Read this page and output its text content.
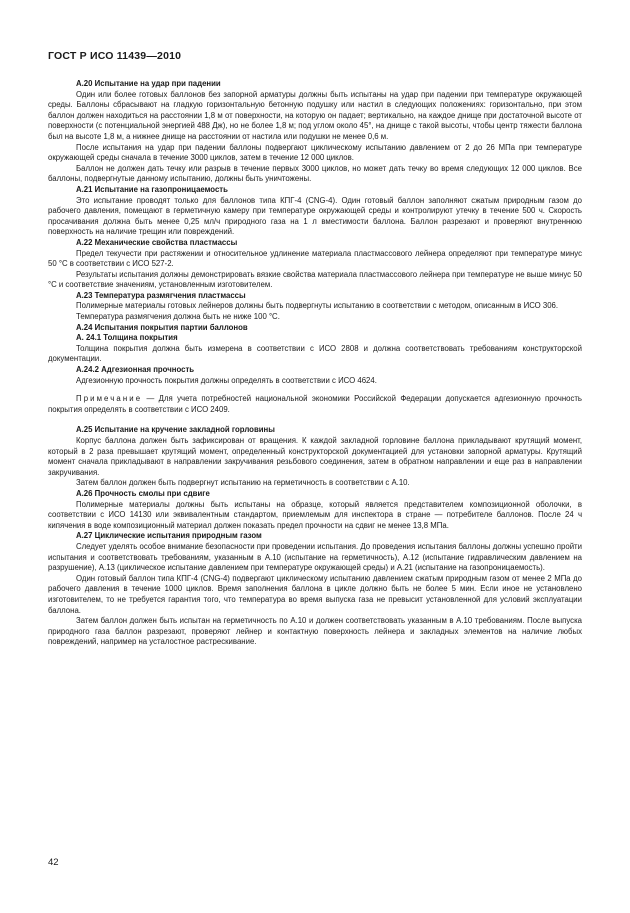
ГОСТ Р ИСО 11439—2010
А.20 Испытание на удар при падении

Один или более готовых баллонов без запорной арматуры должны быть испытаны на удар при падении при температуре окружающей среды. Баллоны сбрасывают на гладкую горизонтальную бетонную подушку или настил в следующих положениях: горизонтально, при этом баллон должен находиться на расстоянии 1,8 м от поверхности, на которую он падает; вертикально, на каждое днище при достаточной высоте от поверхности (с потенциальной энергией 488 Дж), но не более 1,8 м; под углом около 45°, на днище с такой высоты, чтобы центр тяжести баллона был на высоте 1,8 м, а нижнее днище на расстоянии от настила или подушки не менее 0,6 м.

После испытания на удар при падении баллоны подвергают циклическому испытанию давлением от 2 до 26 МПа при температуре окружающей среды сначала в течение 3000 циклов, затем в течение 12 000 циклов.

Баллон не должен дать течку или разрыв в течение первых 3000 циклов, но может дать течку во время следующих 12 000 циклов. Все баллоны, подвергнутые данному испытанию, должны быть уничтожены.

А.21 Испытание на газопроницаемость

Это испытание проводят только для баллонов типа КПГ-4 (CNG-4). Один готовый баллон заполняют сжатым природным газом до рабочего давления, помещают в герметичную камеру при температуре окружающей среды и контролируют утечку в течение 500 ч. Скорость просачивания должна быть менее 0,25 мл/ч природного газа на 1 л вместимости баллона. Баллон разрезают и проверяют внутреннюю поверхность на наличие трещин или повреждений.

А.22 Механические свойства пластмассы

Предел текучести при растяжении и относительное удлинение материала пластмассового лейнера определяют при температуре минус 50 °С в соответствии с ИСО 527-2.

Результаты испытания должны демонстрировать вязкие свойства материала пластмассового лейнера при температуре не выше минус 50 °С и соответствие значениям, установленным изготовителем.

А.23 Температура размягчения пластмассы

Полимерные материалы готовых лейнеров должны быть подвергнуты испытанию в соответствии с методом, описанным в ИСО 306.

Температура размягчения должна быть не ниже 100 °С.

А.24 Испытания покрытия партии баллонов
А. 24.1 Толщина покрытия

Толщина покрытия должна быть измерена в соответствии с ИСО 2808 и должна соответствовать требованиям конструкторской документации.

А.24.2 Адгезионная прочность

Адгезионную прочность покрытия должны определять в соответствии с ИСО 4624.

Примечание — Для учета потребностей национальной экономики Российской Федерации допускается адгезионную прочность покрытия определять в соответствии с ИСО 2409.

А.25 Испытание на кручение закладной горловины

Корпус баллона должен быть зафиксирован от вращения. К каждой закладной горловине баллона прикладывают крутящий момент, который в 2 раза превышает крутящий момент, определенный конструкторской документацией для установки запорной арматуры. Крутящий момент сначала прикладывают в направлении закручивания резьбового соединения, затем в обратном направлении и еще раз в направлении закручивания.

Затем баллон должен быть подвергнут испытанию на герметичность в соответствии с А.10.

А.26 Прочность смолы при сдвиге

Полимерные материалы должны быть испытаны на образце, который является представителем композиционной оболочки, в соответствии с ИСО 14130 или эквивалентным стандартом, приемлемым для инспектора в стране — потребителе баллонов. После 24 ч кипячения в воде композиционный материал должен показать предел прочности на сдвиг не менее 13,8 МПа.

А.27 Циклические испытания природным газом

Следует уделять особое внимание безопасности при проведении испытания. До проведения испытания баллоны должны успешно пройти испытания и соответствовать требованиям, указанным в А.10 (испытание на герметичность), А.12 (испытание гидравлическим давлением на разрушение), А.13 (циклическое испытание давлением при температуре окружающей среды) и А.21 (испытание на газопроницаемость).

Один готовый баллон типа КПГ-4 (CNG-4) подвергают циклическому испытанию давлением сжатым природным газом от менее 2 МПа до рабочего давления в течение 1000 циклов. Время заполнения баллона в цикле должно быть не более 5 мин. Если иное не установлено изготовителем, то не требуется гарантия того, что температура во время выпуска газа не превысит установленной для условий эксплуатации баллона.

Затем баллон должен быть испытан на герметичность по А.10 и должен соответствовать указанным в А.10 требованиям. После выпуска природного газа баллон разрезают, проверяют лейнер и контактную поверхность лейнера и закладных элементов на наличие любых повреждений, например на усталостное растрескивание.

42
